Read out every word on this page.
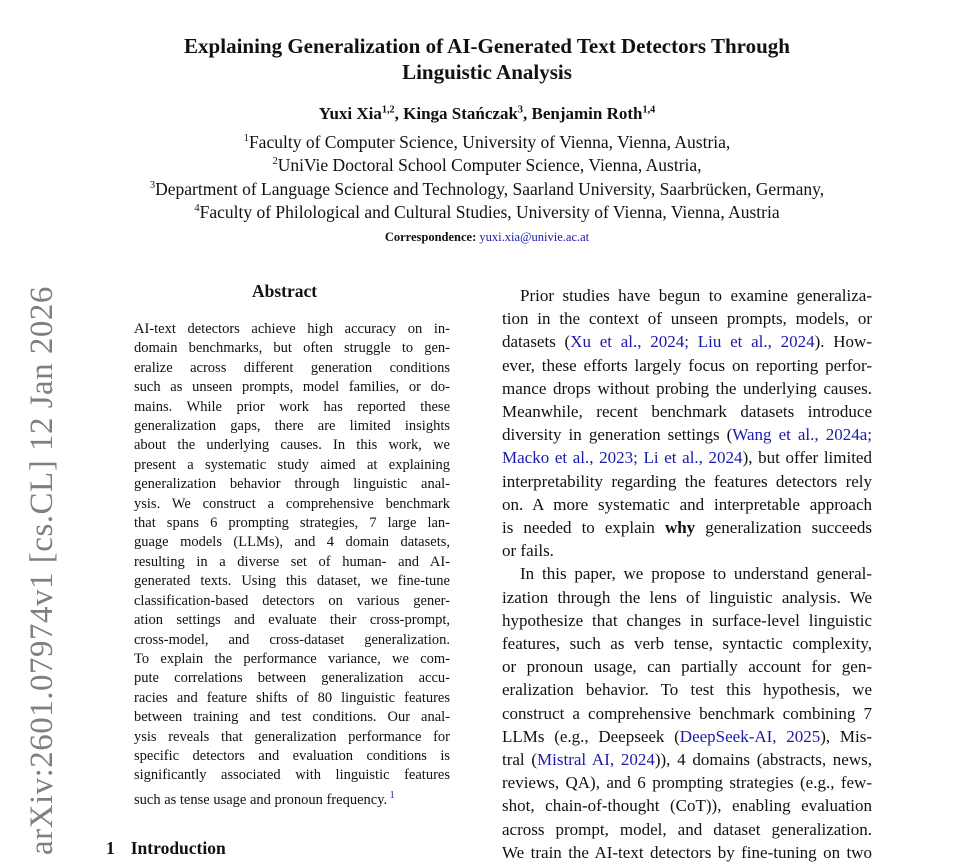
Explaining Generalization of AI-Generated Text Detectors Through
Linguistic Analysis
Yuxi Xia$^{1,2}$, Kinga Stańczak$^3$, Benjamin Roth$^{1,4}$
$^1$Faculty of Computer Science, University of Vienna, Vienna, Austria,
$^2$UniVie Doctoral School Computer Science, Vienna, Austria,
$^3$Department of Language Science and Technology, Saarland University, Saarbrücken, Germany,
$^4$Faculty of Philological and Cultural Studies, University of Vienna, Vienna, Austria
Correspondence: yuxi.xia@univie.ac.at
Abstract
AI-text detectors achieve high accuracy on in-
domain benchmarks, but often struggle to gen-
eralize across different generation conditions
such as unseen prompts, model families, or do-
mains. While prior work has reported these
generalization gaps, there are limited insights
about the underlying causes. In this work, we
present a systematic study aimed at explaining
generalization behavior through linguistic anal-
ysis. We construct a comprehensive benchmark
that spans 6 prompting strategies, 7 large lan-
guage models (LLMs), and 4 domain datasets,
resulting in a diverse set of human- and AI-
generated texts. Using this dataset, we fine-tune
classification-based detectors on various gener-
ation settings and evaluate their cross-prompt,
cross-model, and cross-dataset generalization.
To explain the performance variance, we com-
pute correlations between generalization accu-
racies and feature shifts of 80 linguistic features
between training and test conditions. Our anal-
ysis reveals that generalization performance for
specific detectors and evaluation conditions is
significantly associated with linguistic features
such as tense usage and pronoun frequency. $^1$
Prior studies have begun to examine generaliza-
tion in the context of unseen prompts, models, or
datasets (Xu et al., 2024; Liu et al., 2024). How-
ever, these efforts largely focus on reporting perfor-
mance drops without probing the underlying causes.
Meanwhile, recent benchmark datasets introduce
diversity in generation settings (Wang et al., 2024a;
Macko et al., 2023; Li et al., 2024), but offer limited
interpretability regarding the features detectors rely
on. A more systematic and interpretable approach
is needed to explain why generalization succeeds
or fails.
In this paper, we propose to understand general-
ization through the lens of linguistic analysis. We
hypothesize that changes in surface-level linguistic
features, such as verb tense, syntactic complexity,
or pronoun usage, can partially account for gen-
eralization behavior. To test this hypothesis, we
construct a comprehensive benchmark combining 7
LLMs (e.g., Deepseek (DeepSeek-AI, 2025), Mis-
tral (Mistral AI, 2024)), 4 domains (abstracts, news,
reviews, QA), and 6 prompting strategies (e.g., few-
shot, chain-of-thought (CoT)), enabling evaluation
across prompt, model, and dataset generalization.
We train the AI-text detectors by fine-tuning on two
1 Introduction
arXiv:2601.07974v1 [cs.CL] 12 Jan 2026
